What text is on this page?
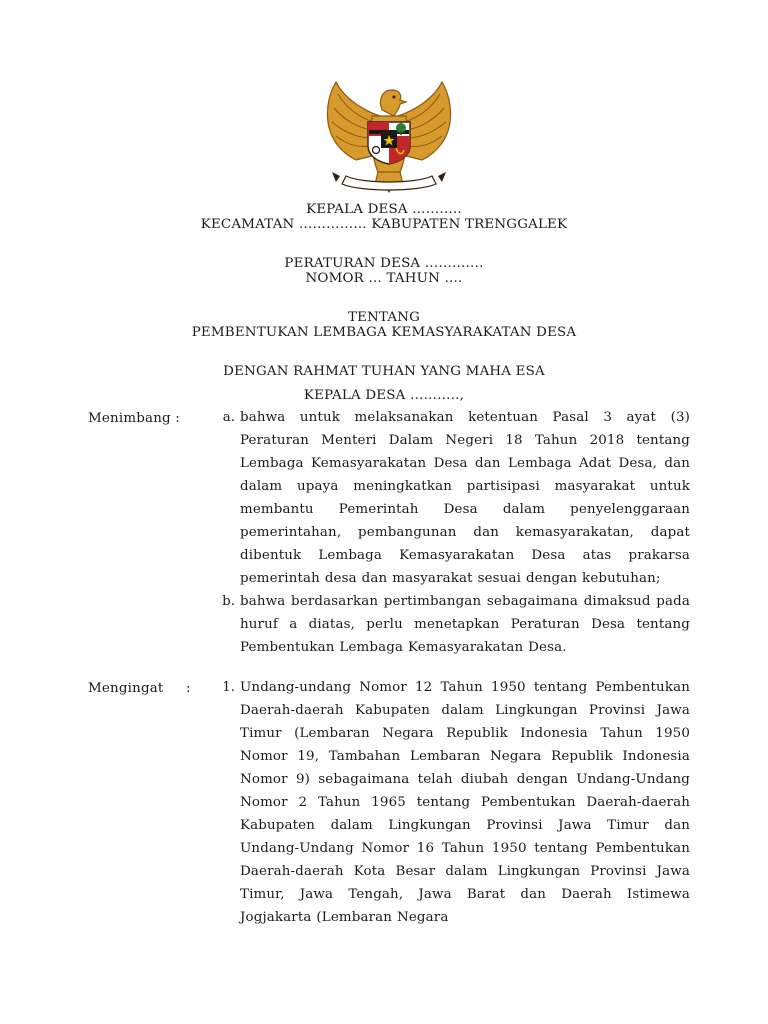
KEPALA DESA ………..
KECAMATAN …………… KABUPATEN TRENGGALEK
PERATURAN DESA ………….
NOMOR … TAHUN ….
TENTANG
PEMBENTUKAN LEMBAGA KEMASYARAKATAN DESA
DENGAN RAHMAT TUHAN YANG MAHA ESA
KEPALA DESA ………..,
Menimbang :	a. bahwa untuk melaksanakan ketentuan Pasal 3 ayat (3) Peraturan Menteri Dalam Negeri 18 Tahun 2018 tentang Lembaga Kemasyarakatan Desa dan Lembaga Adat Desa, dan dalam upaya meningkatkan partisipasi masyarakat untuk membantu Pemerintah Desa dalam penyelenggaraan pemerintahan, pembangunan dan kemasyarakatan, dapat dibentuk Lembaga Kemasyarakatan Desa atas prakarsa pemerintah desa dan masyarakat sesuai dengan kebutuhan;
b. bahwa berdasarkan pertimbangan sebagaimana dimaksud pada huruf a diatas, perlu menetapkan Peraturan Desa tentang Pembentukan Lembaga Kemasyarakatan Desa.
Mengingat :	1. Undang-undang Nomor 12 Tahun 1950 tentang Pembentukan Daerah-daerah Kabupaten dalam Lingkungan Provinsi Jawa Timur (Lembaran Negara Republik Indonesia Tahun 1950 Nomor 19, Tambahan Lembaran Negara Republik Indonesia Nomor 9) sebagaimana telah diubah dengan Undang-Undang Nomor 2 Tahun 1965 tentang Pembentukan Daerah-daerah Kabupaten dalam Lingkungan Provinsi Jawa Timur dan Undang-Undang Nomor 16 Tahun 1950 tentang Pembentukan Daerah-daerah Kota Besar dalam Lingkungan Provinsi Jawa Timur, Jawa Tengah, Jawa Barat dan Daerah Istimewa Jogjakarta (Lembaran Negara
